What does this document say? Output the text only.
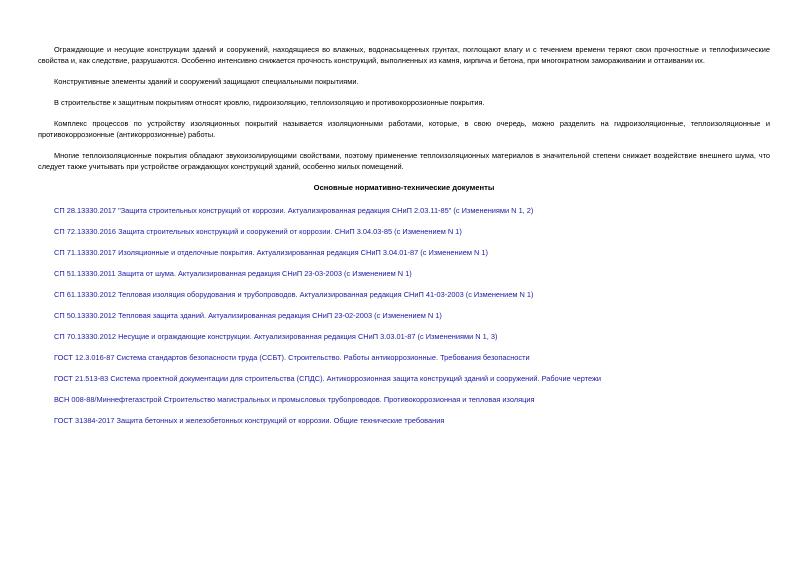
Ограждающие и несущие конструкции зданий и сооружений, находящиеся во влажных, водонасыщенных грунтах, поглощают влагу и с течением времени теряют свои прочностные и теплофизические свойства и, как следствие, разрушаются. Особенно интенсивно снижается прочность конструкций, выполненных из камня, кирпича и бетона, при многократном замораживании и оттаивании их.

Конструктивные элементы зданий и сооружений защищают специальными покрытиями.

В строительстве к защитным покрытиям относят кровлю, гидроизоляцию, теплоизоляцию и противокоррозионные покрытия.

Комплекс процессов по устройству изоляционных покрытий называется изоляционными работами, которые, в свою очередь, можно разделить на гидроизоляционные, теплоизоляционные и противокоррозионные (антикоррозионные) работы.

Многие теплоизоляционные покрытия обладают звукоизолирующими свойствами, поэтому применение теплоизоляционных материалов в значительной степени снижает воздействие внешнего шума, что следует также учитывать при устройстве ограждающих конструкций зданий, особенно жилых помещений.

Основные нормативно-технические документы
СП 28.13330.2017 "Защита строительных конструкций от коррозии. Актуализированная редакция СНиП 2.03.11-85" (с Изменениями N 1, 2)
СП 72.13330.2016 Защита строительных конструкций и сооружений от коррозии. СНиП 3.04.03-85 (с Изменением N 1)
СП 71.13330.2017 Изоляционные и отделочные покрытия. Актуализированная редакция СНиП 3.04.01-87 (с Изменением N 1)
СП 51.13330.2011 Защита от шума. Актуализированная редакция СНиП 23-03-2003 (с Изменением N 1)
СП 61.13330.2012 Тепловая изоляция оборудования и трубопроводов. Актуализированная редакция СНиП 41-03-2003 (с Изменением N 1)
СП 50.13330.2012 Тепловая защита зданий. Актуализированная редакция СНиП 23-02-2003 (с Изменением N 1)
СП 70.13330.2012 Несущие и ограждающие конструкции. Актуализированная редакция СНиП 3.03.01-87 (с Изменениями N 1, 3)
ГОСТ 12.3.016-87 Система стандартов безопасности труда (ССБТ). Строительство. Работы антикоррозионные. Требования безопасности
ГОСТ 21.513-83 Система проектной документации для строительства (СПДС). Антикоррозионная защита конструкций зданий и сооружений. Рабочие чертежи
ВСН 008-88/Миннефтегазстрой Строительство магистральных и промысловых трубопроводов. Противокоррозионная и тепловая изоляция
ГОСТ 31384-2017 Защита бетонных и железобетонных конструкций от коррозии. Общие технические требования
